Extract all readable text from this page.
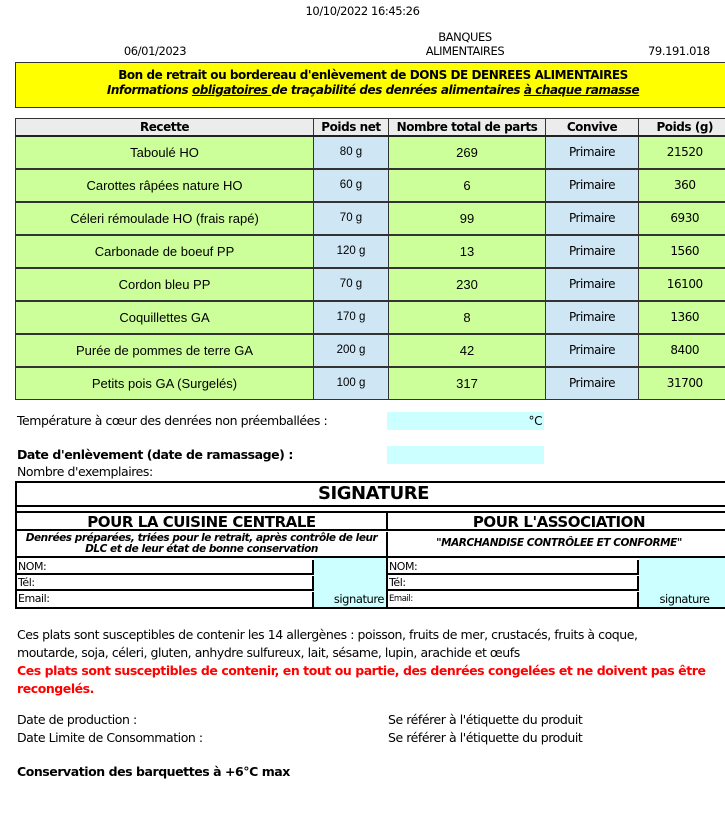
10/10/2022 16:45:26
06/01/2023
BANQUES
ALIMENTAIRES	79.191.018
Bon de retrait ou bordereau d'enlèvement de DONS DE DENREES ALIMENTAIRES
Informations obligatoires de traçabilité des denrées alimentaires à chaque ramasse
Recette	Poids net	Nombre total de parts	Convive	Poids (g)
Taboulé HO	80 g	269	Primaire	21520
Carottes râpées nature HO	60 g	6	Primaire	360
Céleri rémoulade HO (frais rapé)	70 g	99	Primaire	6930
Carbonade de boeuf PP	120 g	13	Primaire	1560
Cordon bleu PP	70 g	230	Primaire	16100
Coquillettes GA	170 g	8	Primaire	1360
Purée de pommes de terre GA	200 g	42	Primaire	8400
Petits pois GA (Surgelés)	100 g	317	Primaire	31700
Température à cœur des denrées non préemballées :	°C
Date d'enlèvement (date de ramassage) :
Nombre d'exemplaires:
SIGNATURE
POUR LA CUISINE CENTRALE
Denrées préparées, triées pour le retrait, après contrôle de leur DLC et de leur état de bonne conservation
NOM:
Tél:
Email:	signature
POUR L'ASSOCIATION
"MARCHANDISE CONTRÔLEE ET CONFORME"
NOM:
Tél:
Email:	signature
Ces plats sont susceptibles de contenir les 14 allergènes : poisson, fruits de mer, crustacés, fruits à coque,
moutarde, soja, céleri, gluten, anhydre sulfureux, lait, sésame, lupin, arachide et œufs
Ces plats sont susceptibles de contenir, en tout ou partie, des denrées congelées et ne doivent pas être recongelés.
Date de production :	Se référer à l'étiquette du produit
Date Limite de Consommation :	Se référer à l'étiquette du produit
Conservation des barquettes à +6°C max
